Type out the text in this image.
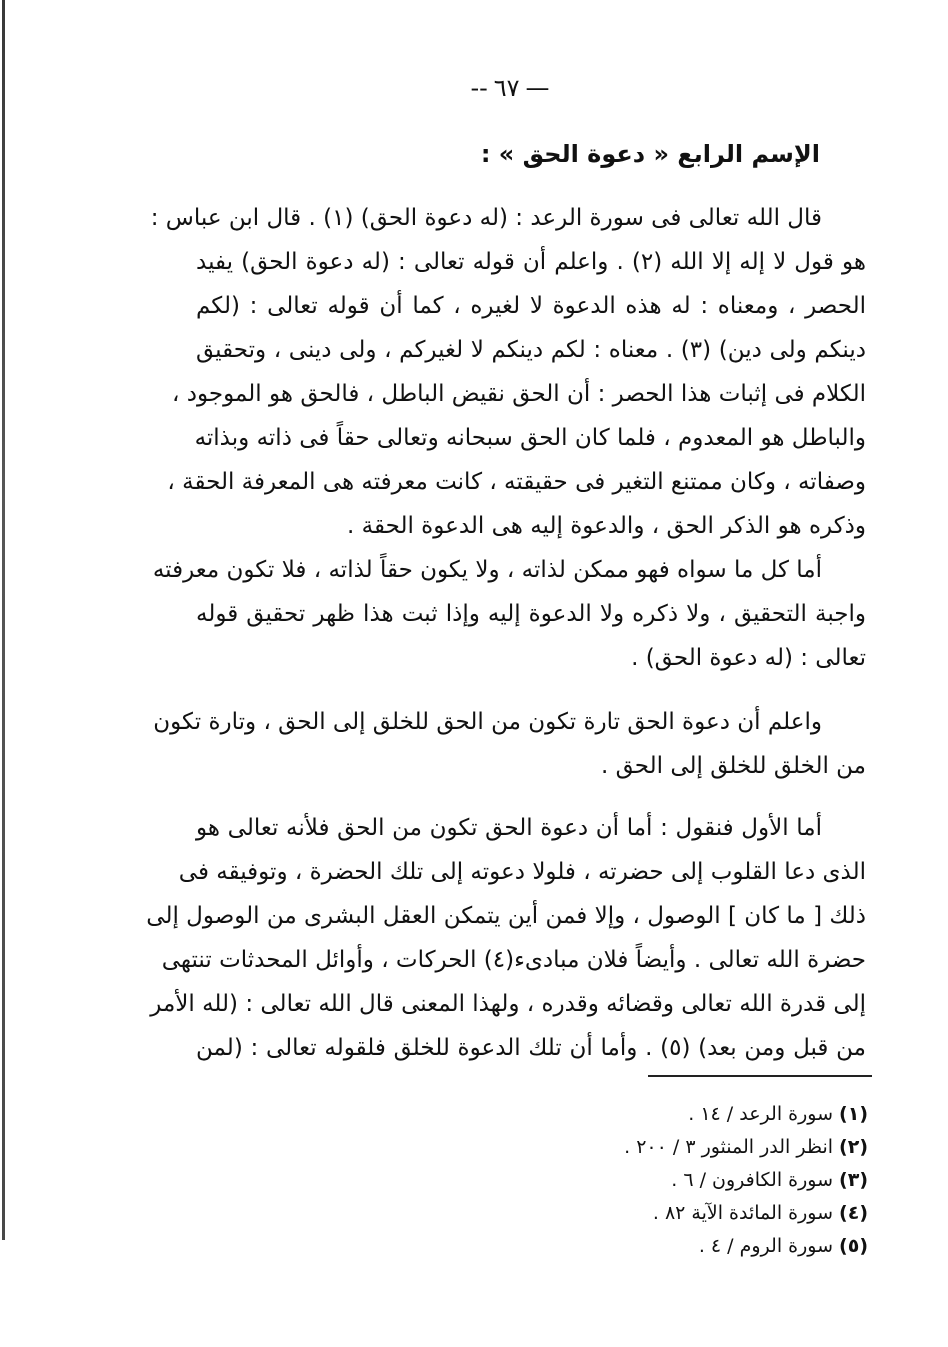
—٦٧--
الإسم الرابع « دعوة الحق » :
قال الله تعالى فى سورة الرعد : (له دعوة الحق) (١) . قال ابن عباس :
هو قول لا إله إلا الله (٢) . واعلم أن قوله تعالى : (له دعوة الحق) يفيد
الحصر ، ومعناه : له هذه الدعوة لا لغيره ، كما أن قوله تعالى : (لكم
دينكم ولى دين) (٣) . معناه : لكم دينكم لا لغيركم ، ولى دينى ، وتحقيق
الكلام فى إثبات هذا الحصر : أن الحق نقيض الباطل ، فالحق هو الموجود ،
والباطل هو المعدوم ، فلما كان الحق سبحانه وتعالى حقاً فى ذاته وبذاته
وصفاته ، وكان ممتنع التغير فى حقيقته ، كانت معرفته هى المعرفة الحقة ،
وذكره هو الذكر الحق ، والدعوة إليه هى الدعوة الحقة .
أما كل ما سواه فهو ممكن لذاته ، ولا يكون حقاً لذاته ، فلا تكون معرفته
واجبة التحقيق ، ولا ذكره ولا الدعوة إليه وإذا ثبت هذا ظهر تحقيق قوله
تعالى : (له دعوة الحق) .
واعلم أن دعوة الحق تارة تكون من الحق للخلق إلى الحق ، وتارة تكون
من الخلق للخلق إلى الحق .
أما الأول فنقول : أما أن دعوة الحق تكون من الحق فلأنه تعالى هو
الذى دعا القلوب إلى حضرته ، فلولا دعوته إلى تلك الحضرة ، وتوفيقه فى
ذلك [ ما كان ] الوصول ، وإلا فمن أين يتمكن العقل البشرى من الوصول إلى
حضرة الله تعالى . وأيضاً فلان مبادىء(٤) الحركات ، وأوائل المحدثات تنتهى
إلى قدرة الله تعالى وقضائه وقدره ، ولهذا المعنى قال الله تعالى : (لله الأمر
من قبل ومن بعد) (٥) . وأما أن تلك الدعوة للخلق فلقوله تعالى : (لمن
(١)سورة الرعد / ١٤ .
(٢)انظر الدر المنثور ٣ / ٢٠٠ .
(٣)سورة الكافرون / ٦ .
(٤)سورة المائدة الآية ٨٢ .
(٥)سورة الروم / ٤ .
